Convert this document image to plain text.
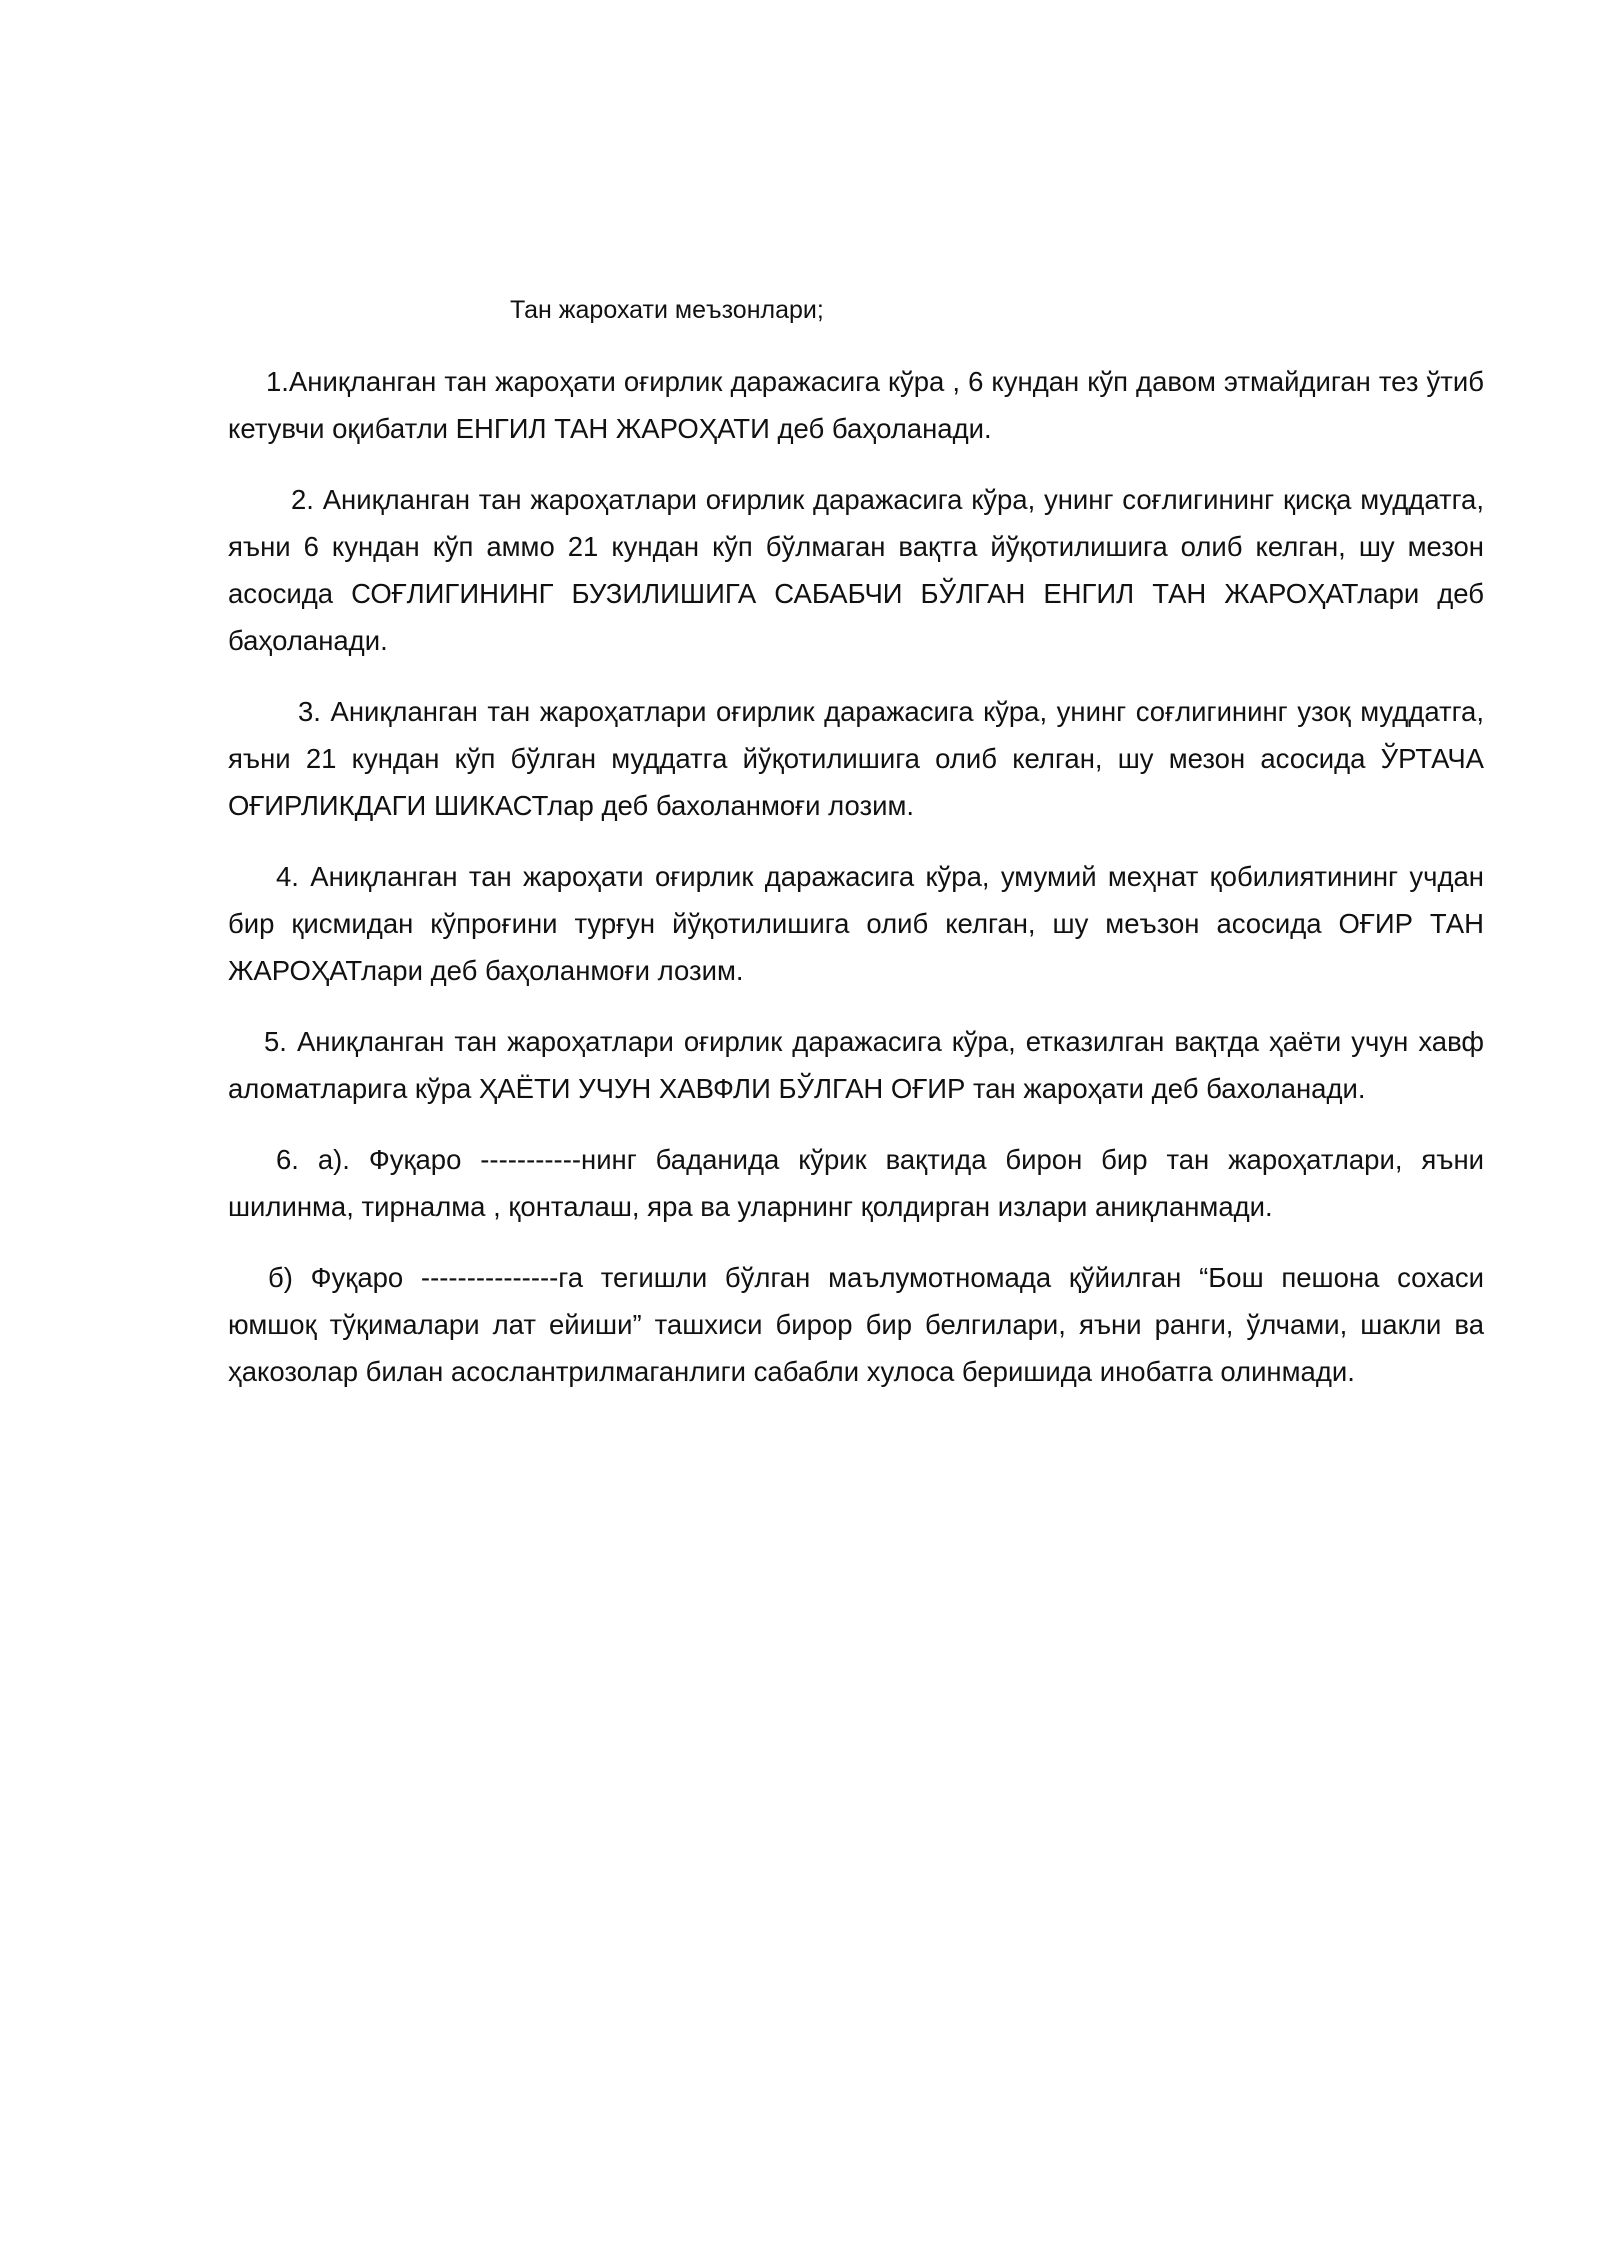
Тан жарохати меъзонлари;

1.Аниқланган тан жароҳати оғирлик даражасига кўра , 6 кундан кўп давом этмайдиган тез ўтиб кетувчи оқибатли ЕНГИЛ ТАН ЖАРОҲАТИ деб баҳоланади.

2. Аниқланган тан жароҳатлари оғирлик даражасига кўра, унинг соғлигининг қисқа муддатга, яъни 6 кундан кўп аммо 21 кундан кўп бўлмаган вақтга йўқотилишига олиб келган, шу мезон асосида СОҒЛИГИНИНГ БУЗИЛИШИГА САБАБЧИ БЎЛГАН ЕНГИЛ ТАН ЖАРОҲАТлари деб баҳоланади.

3. Аниқланган тан жароҳатлари оғирлик даражасига кўра, унинг соғлигининг узоқ муддатга, яъни 21 кундан кўп бўлган муддатга йўқотилишига олиб келган, шу мезон асосида ЎРТАЧА ОҒИРЛИКДАГИ ШИКАСТлар деб бахоланмоғи лозим.

4. Аниқланган тан жароҳати оғирлик даражасига кўра, умумий меҳнат қобилиятининг учдан бир қисмидан кўпроғини турғун йўқотилишига олиб келган, шу меъзон асосида ОҒИР ТАН ЖАРОҲАТлари деб баҳоланмоғи лозим.

5. Аниқланган тан жароҳатлари оғирлик даражасига кўра, етказилган вақтда ҳаёти учун хавф аломатларига кўра ҲАЁТИ УЧУН ХАВФЛИ БЎЛГАН ОҒИР тан жароҳати деб бахоланади.

6. а). Фуқаро -----------нинг баданида кўрик вақтида бирон бир тан жароҳатлари, яъни шилинма, тирналма , қонталаш, яра ва уларнинг қолдирган излари аниқланмади.

б) Фуқаро ---------------га тегишли бўлган маълумотномада қўйилган “Бош пешона сохаси юмшоқ тўқималари лат ейиши” ташхиси бирор бир белгилари, яъни ранги, ўлчами, шакли ва ҳакозолар билан асослантрилмаганлиги сабабли хулоса беришида инобатга олинмади.
